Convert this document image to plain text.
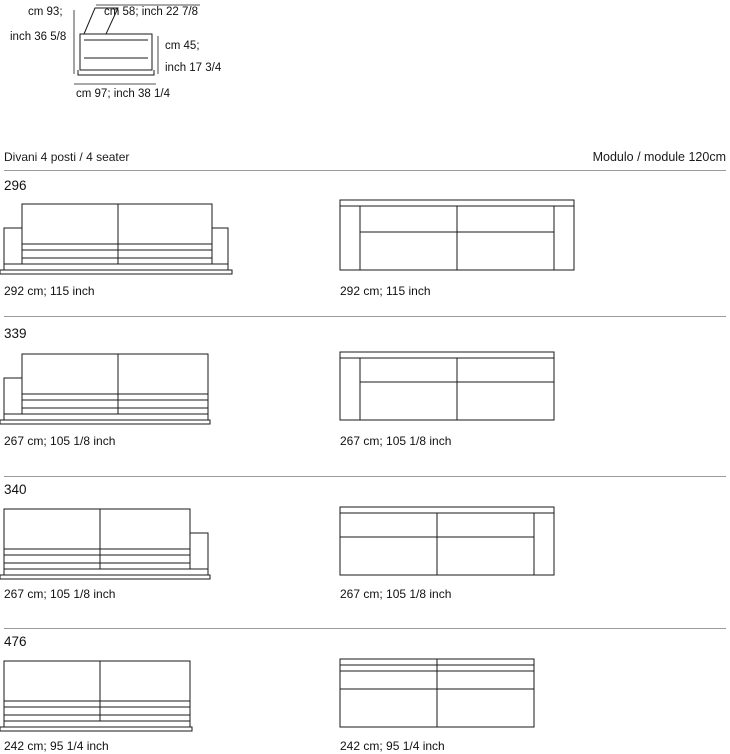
cm 93;
inch 36 5/8
cm 58; inch 22 7/8
cm 45;
inch 17 3/4
cm 97; inch 38 1/4
Divani 4 posti / 4 seater	Modulo / module 120cm
296
292 cm; 115 inch	292 cm; 115 inch
339
267 cm; 105 1/8 inch	267 cm; 105 1/8 inch
340
267 cm; 105 1/8 inch	267 cm; 105 1/8 inch
476
242 cm; 95 1/4 inch	242 cm; 95 1/4 inch
